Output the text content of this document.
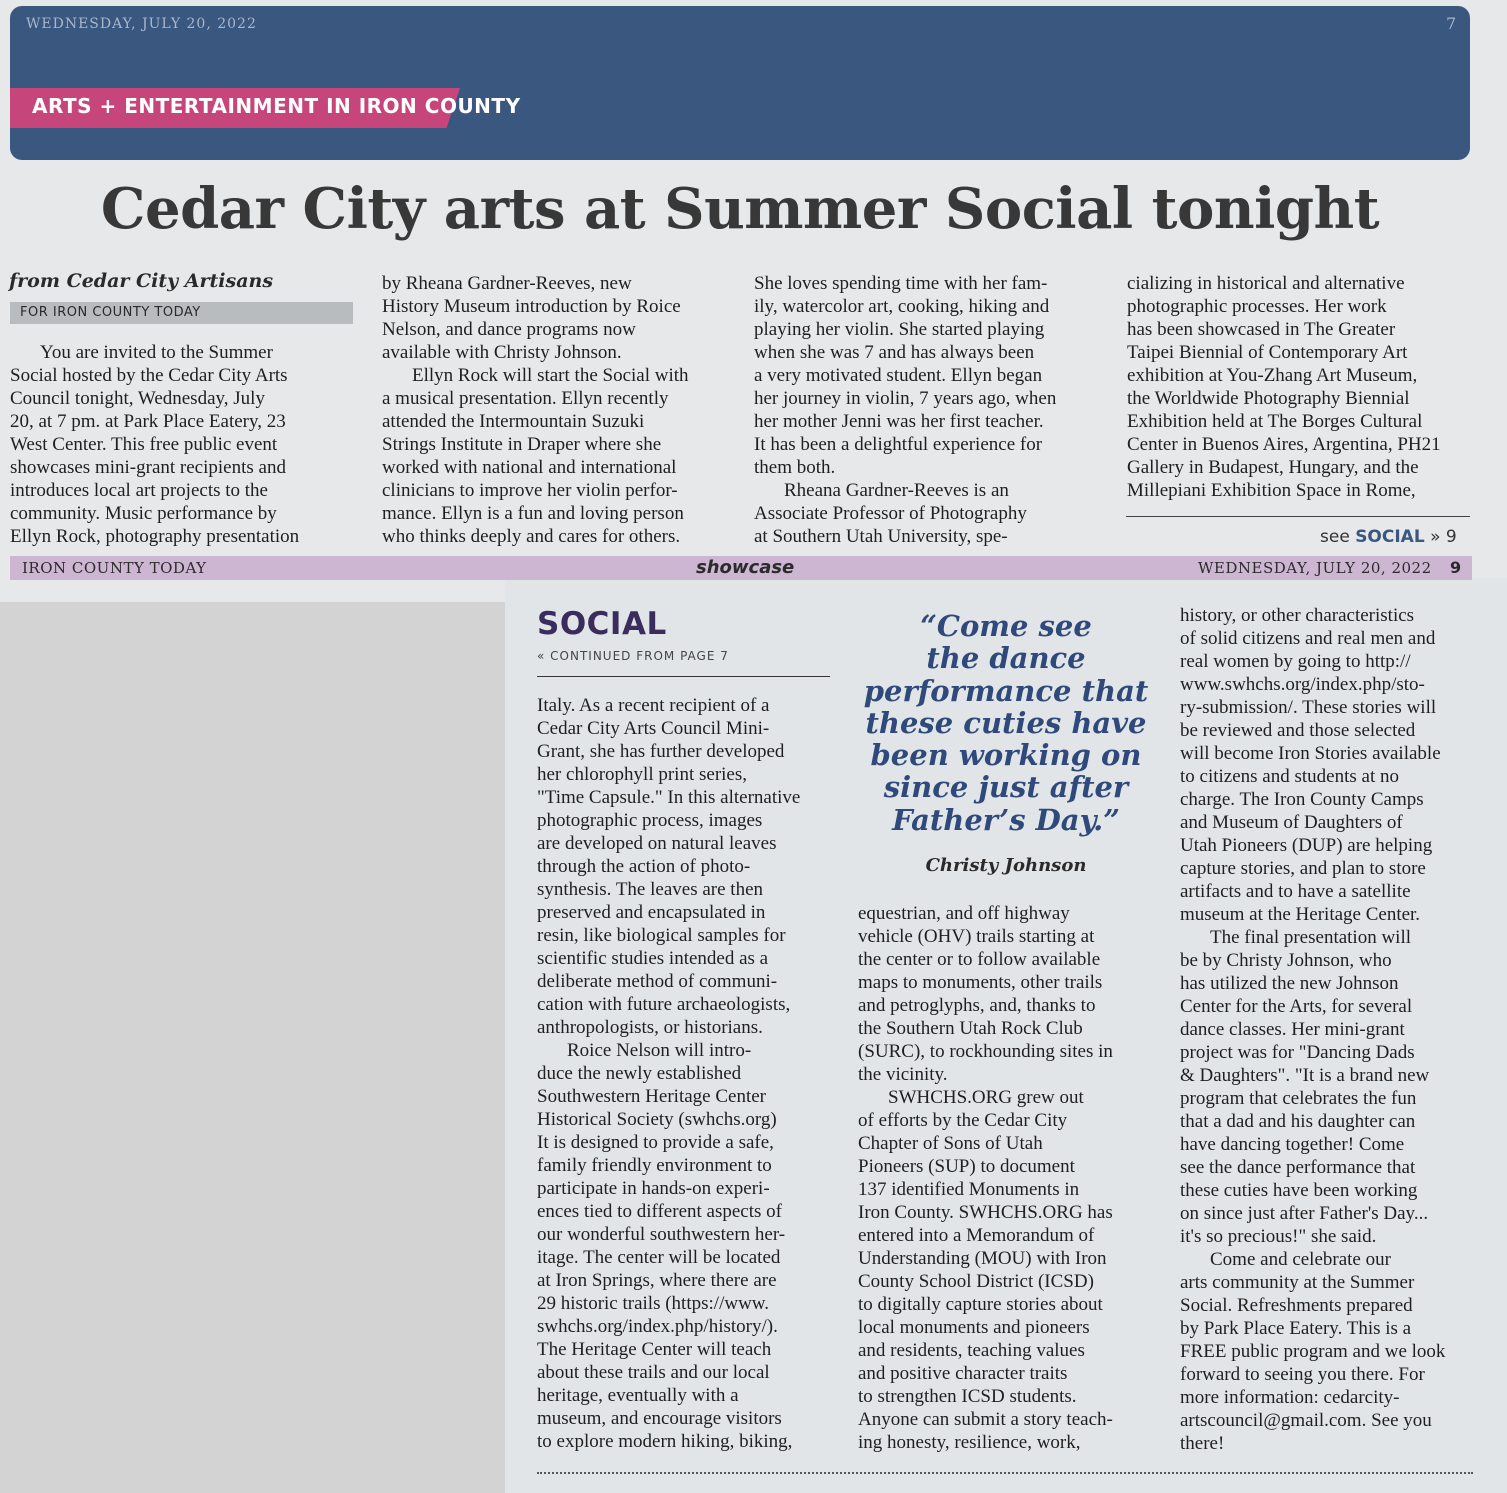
WEDNESDAY, JULY 20, 2022	7
ARTS + ENTERTAINMENT IN IRON COUNTY
Cedar City arts at Summer Social tonight
from Cedar City Artisans
FOR IRON COUNTY TODAY

You are invited to the Summer
Social hosted by the Cedar City Arts
Council tonight, Wednesday, July
20, at 7 pm. at Park Place Eatery, 23
West Center. This free public event
showcases mini-grant recipients and
introduces local art projects to the
community. Music performance by
Ellyn Rock, photography presentation

by Rheana Gardner-Reeves, new
History Museum introduction by Roice
Nelson, and dance programs now
available with Christy Johnson.

Ellyn Rock will start the Social with
a musical presentation. Ellyn recently
attended the Intermountain Suzuki
Strings Institute in Draper where she
worked with national and international
clinicians to improve her violin perfor-
mance. Ellyn is a fun and loving person
who thinks deeply and cares for others.

She loves spending time with her fam-
ily, watercolor art, cooking, hiking and
playing her violin. She started playing
when she was 7 and has always been
a very motivated student. Ellyn began
her journey in violin, 7 years ago, when
her mother Jenni was her first teacher.
It has been a delightful experience for
them both.

Rheana Gardner-Reeves is an
Associate Professor of Photography
at Southern Utah University, spe-

cializing in historical and alternative
photographic processes. Her work
has been showcased in The Greater
Taipei Biennial of Contemporary Art
exhibition at You-Zhang Art Museum,
the Worldwide Photography Biennial
Exhibition held at The Borges Cultural
Center in Buenos Aires, Argentina, PH21
Gallery in Budapest, Hungary, and the
Millepiani Exhibition Space in Rome,

see SOCIAL » 9
IRON COUNTY TODAY	showcase	WEDNESDAY, JULY 20, 2022 9
SOCIAL
« CONTINUED FROM PAGE 7

Italy. As a recent recipient of a
Cedar City Arts Council Mini-
Grant, she has further developed
her chlorophyll print series,
"Time Capsule." In this alternative
photographic process, images
are developed on natural leaves
through the action of photo-
synthesis. The leaves are then
preserved and encapsulated in
resin, like biological samples for
scientific studies intended as a
deliberate method of communi-
cation with future archaeologists,
anthropologists, or historians.

Roice Nelson will intro-
duce the newly established
Southwestern Heritage Center
Historical Society (swhchs.org)
It is designed to provide a safe,
family friendly environment to
participate in hands-on experi-
ences tied to different aspects of
our wonderful southwestern her-
itage. The center will be located
at Iron Springs, where there are
29 historic trails (https://www.
swhchs.org/index.php/history/).
The Heritage Center will teach
about these trails and our local
heritage, eventually with a
museum, and encourage visitors
to explore modern hiking, biking,

“Come see
the dance
performance that
these cuties have
been working on
since just after
Father’s Day.”

Christy Johnson

equestrian, and off highway
vehicle (OHV) trails starting at
the center or to follow available
maps to monuments, other trails
and petroglyphs, and, thanks to
the Southern Utah Rock Club
(SURC), to rockhounding sites in
the vicinity.

SWHCHS.ORG grew out
of efforts by the Cedar City
Chapter of Sons of Utah
Pioneers (SUP) to document
137 identified Monuments in
Iron County. SWHCHS.ORG has
entered into a Memorandum of
Understanding (MOU) with Iron
County School District (ICSD)
to digitally capture stories about
local monuments and pioneers
and residents, teaching values
and positive character traits
to strengthen ICSD students.
Anyone can submit a story teach-
ing honesty, resilience, work,

history, or other characteristics
of solid citizens and real men and
real women by going to http://
www.swhchs.org/index.php/sto-
ry-submission/. These stories will
be reviewed and those selected
will become Iron Stories available
to citizens and students at no
charge. The Iron County Camps
and Museum of Daughters of
Utah Pioneers (DUP) are helping
capture stories, and plan to store
artifacts and to have a satellite
museum at the Heritage Center.

The final presentation will
be by Christy Johnson, who
has utilized the new Johnson
Center for the Arts, for several
dance classes. Her mini-grant
project was for "Dancing Dads
& Daughters". "It is a brand new
program that celebrates the fun
that a dad and his daughter can
have dancing together! Come
see the dance performance that
these cuties have been working
on since just after Father's Day...
it's so precious!" she said.

Come and celebrate our
arts community at the Summer
Social. Refreshments prepared
by Park Place Eatery. This is a
FREE public program and we look
forward to seeing you there. For
more information: cedarcity-
artscouncil@gmail.com. See you
there!
